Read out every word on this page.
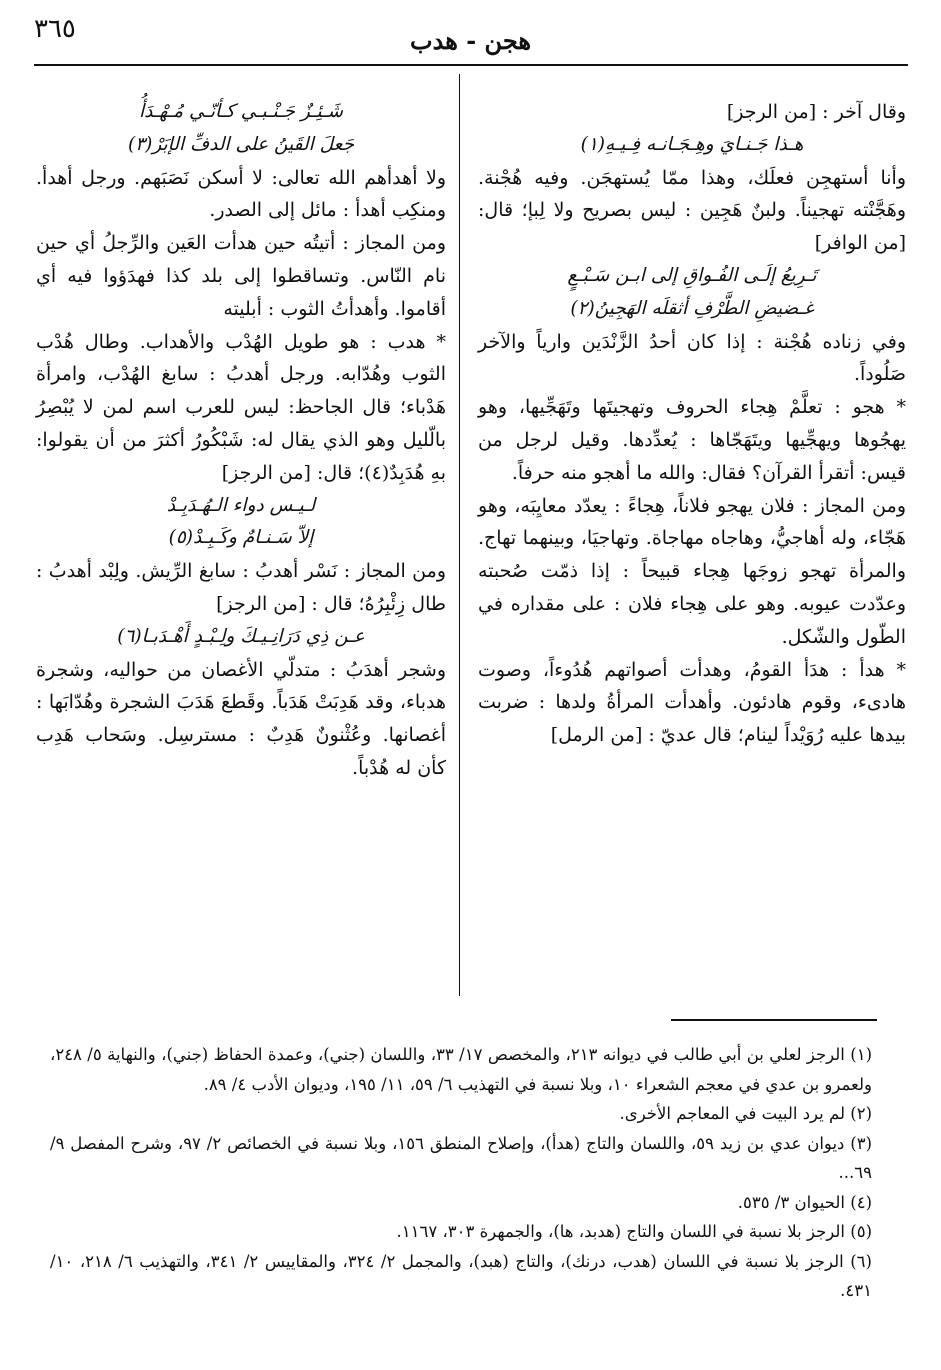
٣٦٥	هجن - هدب

وقال آخر : [من الرجز]

هـذا جَـنـايَ وهِـجَـانـه فِـيـهِ(١)

وأنا أستهجِن فعلَك، وهذا ممّا يُستهجَن. وفيه هُجْنة. وهَجَّنْته تهجيناً. ولبنٌ هَجِين : ليس بصريح ولا لِبإ؛ قال: [من الوافر]

تَـرِيعُ إلَـى الفُـواقِ إلى ابـن سَـبْـعٍ

غـضيضِ الطَّرْفِ أثقلَه الهَجِينُ(٢)

وفي زناده هُجْنة : إذا كان أحدُ الزَّنْدَين وارياً والآخر صَلُوداً.

* هجو : تعلَّمْ هِجاء الحروف وتهجيتَها وتَهَجِّيها، وهو يهجُوها ويهجِّيها ويتَهَجّاها : يُعدِّدها. وقيل لرجل من قيس: أتقرأ القرآن؟ فقال: والله ما أهجو منه حرفاً.

ومن المجاز : فلان يهجو فلاناً، هِجاءً : يعدّد معايِبَه، وهو هَجّاء، وله أهاجيُّ، وهاجاه مهاجاة. وتهاجيَا، وبينهما تهاج. والمرأة تهجو زوجَها هِجاء قبيحاً : إذا ذمّت صُحبته وعدّدت عيوبه. وهو على هِجاء فلان : على مقداره في الطّول والشّكل.

* هدأ : هدَأ القومُ، وهدأت أصواتهم هُدُوءاً، وصوت هادىء، وقوم هادئون. وأهدأت المرأةُ ولدها : ضربت بيدها عليه رُوَيْداً لينام؛ قال عديّ : [من الرمل]

شَـئِـزٌ جَـنْـبـي كـأنّـي مُـهْـدَأُ

جَعلَ القَينُ على الدفِّ الإبَرْ(٣)

ولا أهدأهم الله تعالى: لا أسكن نَصَبَهم. ورجل أهدأ. ومنكِب أهدأ : مائل إلى الصدر.

ومن المجاز : أتيتُه حين هدأت العَين والرِّجلُ أي حين نام النّاس. وتساقطوا إلى بلد كذا فهدَؤوا فيه أي أقاموا. وأهدأتُ الثوب : أبليته

* هدب : هو طويل الهُدْب والأهداب. وطال هُدْب الثوب وهُدّابه. ورجل أهدبُ : سابغ الهُدْب، وامرأة هَدْباء؛ قال الجاحظ: ليس للعرب اسم لمن لا يُبْصِرُ بالّليل وهو الذي يقال له: شَبْكُورُ أكثرَ من أن يقولوا: بهِ هُدَبِدٌ(٤)؛ قال: [من الرجز]

لـيـس دواء الـهُـدَبِـدْ

إلاّ سَـنـامٌ وكَـبِـدْ(٥)

ومن المجاز : نَسْر أهدبُ : سابغ الرِّيش. ولِبْد أهدبُ : طال زِئْبِرُهُ؛ قال : [من الرجز]

عـن ذِي دَرَانِـيـكَ ولِـبْـدٍ أَهْـدَبـا(٦)

وشجر أهدَبُ : متدلّي الأغصان من حواليه، وشجرة هدباء، وقد هَدِبَتْ هَدَباً. وقَطعَ هَدَبَ الشجرة وهُدّابَها : أغصانها. وعُثْنونٌ هَدِبٌ : مسترسِل. وسَحاب هَدِب كأن له هُدْباً.

(١) الرجز لعلي بن أبي طالب في ديوانه ٢١٣، والمخصص ١٧/ ٣٣، واللسان (جني)، وعمدة الحفاظ (جني)، والنهاية ٥/ ٢٤٨، ولعمرو بن عدي في معجم الشعراء ١٠، وبلا نسبة في التهذيب ٦/ ٥٩، ١١/ ١٩٥، وديوان الأدب ٤/ ٨٩.

(٢) لم يرد البيت في المعاجم الأخرى.

(٣) ديوان عدي بن زيد ٥٩، واللسان والتاج (هدأ)، وإصلاح المنطق ١٥٦، وبلا نسبة في الخصائص ٢/ ٩٧، وشرح المفصل ٩/ ٦٩...

(٤) الحيوان ٣/ ٥٣٥.

(٥) الرجز بلا نسبة في اللسان والتاج (هدبد، ها)، والجمهرة ٣٠٣، ١١٦٧.

(٦) الرجز بلا نسبة في اللسان (هدب، درنك)، والتاج (هبد)، والمجمل ٢/ ٣٢٤، والمقاييس ٢/ ٣٤١، والتهذيب ٦/ ٢١٨، ١٠/ ٤٣١.
